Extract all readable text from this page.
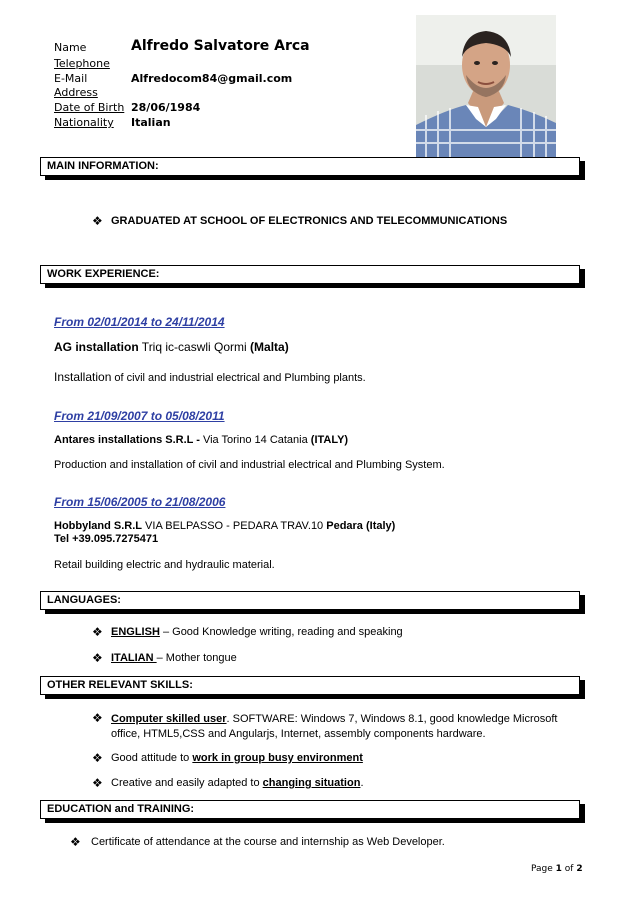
Name	Alfredo Salvatore Arca
Telephone
E-Mail	Alfredocom84@gmail.com
Address
Date of Birth 28/06/1984
Nationality Italian
MAIN INFORMATION:
❖ GRADUATED AT SCHOOL OF ELECTRONICS AND TELECOMMUNICATIONS
WORK EXPERIENCE:
From 02/01/2014 to 24/11/2014
AG installation Triq ic-caswli Qormi (Malta)
Installation of civil and industrial electrical and Plumbing plants.
From 21/09/2007 to 05/08/2011
Antares installations S.R.L - Via Torino 14 Catania (ITALY)
Production and installation of civil and industrial electrical and Plumbing System.
From 15/06/2005 to 21/08/2006
Hobbyland S.R.L VIA BELPASSO - PEDARA TRAV.10 Pedara (Italy)
Tel +39.095.7275471
Retail building electric and hydraulic material.
LANGUAGES:
❖ ENGLISH – Good Knowledge writing, reading and speaking
❖ ITALIAN – Mother tongue
OTHER RELEVANT SKILLS:
❖ Computer skilled user. SOFTWARE: Windows 7, Windows 8.1, good knowledge Microsoft
office, HTML5,CSS and Angularjs, Internet, assembly components hardware.
❖ Good attitude to work in group busy environment
❖ Creative and easily adapted to changing situation.
EDUCATION and TRAINING:
❖ Certificate of attendance at the course and internship as Web Developer.
Page 1 of 2
